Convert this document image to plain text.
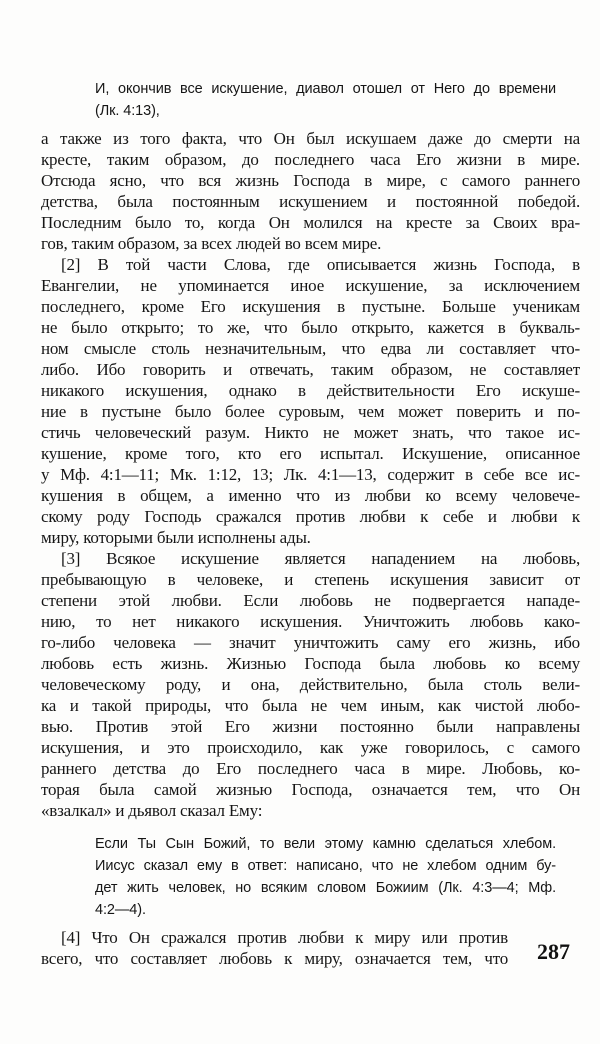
И, окончив все искушение, диавол отошел от Него до времени
(Лк. 4:13),
а также из того факта, что Он был искушаем даже до смерти на
кресте, таким образом, до последнего часа Его жизни в мире.
Отсюда ясно, что вся жизнь Господа в мире, с самого раннего
детства, была постоянным искушением и постоянной победой.
Последним было то, когда Он молился на кресте за Своих вра-
гов, таким образом, за всех людей во всем мире.
[2] В той части Слова, где описывается жизнь Господа, в
Евангелии, не упоминается иное искушение, за исключением
последнего, кроме Его искушения в пустыне. Больше ученикам
не было открыто; то же, что было открыто, кажется в букваль-
ном смысле столь незначительным, что едва ли составляет что-
либо. Ибо говорить и отвечать, таким образом, не составляет
никакого искушения, однако в действительности Его искуше-
ние в пустыне было более суровым, чем может поверить и по-
стичь человеческий разум. Никто не может знать, что такое ис-
кушение, кроме того, кто его испытал. Искушение, описанное
у Мф. 4:1—11; Мк. 1:12, 13; Лк. 4:1—13, содержит в себе все ис-
кушения в общем, а именно что из любви ко всему человече-
скому роду Господь сражался против любви к себе и любви к
миру, которыми были исполнены ады.
[3] Всякое искушение является нападением на любовь,
пребывающую в человеке, и степень искушения зависит от
степени этой любви. Если любовь не подвергается нападе-
нию, то нет никакого искушения. Уничтожить любовь како-
го-либо человека — значит уничтожить саму его жизнь, ибо
любовь есть жизнь. Жизнью Господа была любовь ко всему
человеческому роду, и она, действительно, была столь вели-
ка и такой природы, что была не чем иным, как чистой любо-
вью. Против этой Его жизни постоянно были направлены
искушения, и это происходило, как уже говорилось, с самого
раннего детства до Его последнего часа в мире. Любовь, ко-
торая была самой жизнью Господа, означается тем, что Он
«взалкал» и дьявол сказал Ему:
Если Ты Сын Божий, то вели этому камню сделаться хлебом.
Иисус сказал ему в ответ: написано, что не хлебом одним бу-
дет жить человек, но всяким словом Божиим (Лк. 4:3—4; Мф.
4:2—4).
[4] Что Он сражался против любви к миру или против
всего, что составляет любовь к миру, означается тем, что 287
